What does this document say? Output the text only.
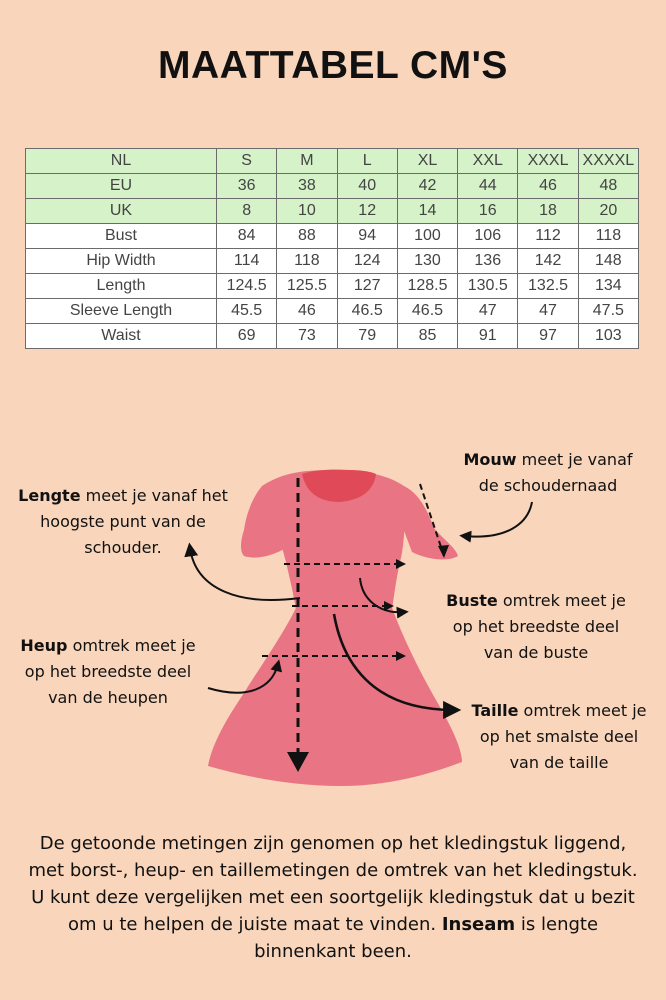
MAATTABEL CM'S
NL	S	M	L	XL	XXL	XXXL	XXXXL
EU	36	38	40	42	44	46	48
UK	8	10	12	14	16	18	20
Bust	84	88	94	100	106	112	118
Hip Width	114	118	124	130	136	142	148
Length	124.5	125.5	127	128.5	130.5	132.5	134
Sleeve Length	45.5	46	46.5	46.5	47	47	47.5
Waist	69	73	79	85	91	97	103
Lengte meet je vanaf het
hoogste punt van de
schouder.
Mouw meet je vanaf
de schoudernaad
Buste omtrek meet je
op het breedste deel
van de buste
Heup omtrek meet je
op het breedste deel
van de heupen
Taille omtrek meet je
op het smalste deel
van de taille
De getoonde metingen zijn genomen op het kledingstuk liggend, met borst-, heup- en taillemetingen de omtrek van het kledingstuk. U kunt deze vergelijken met een soortgelijk kledingstuk dat u bezit om u te helpen de juiste maat te vinden. Inseam is lengte binnenkant been.
